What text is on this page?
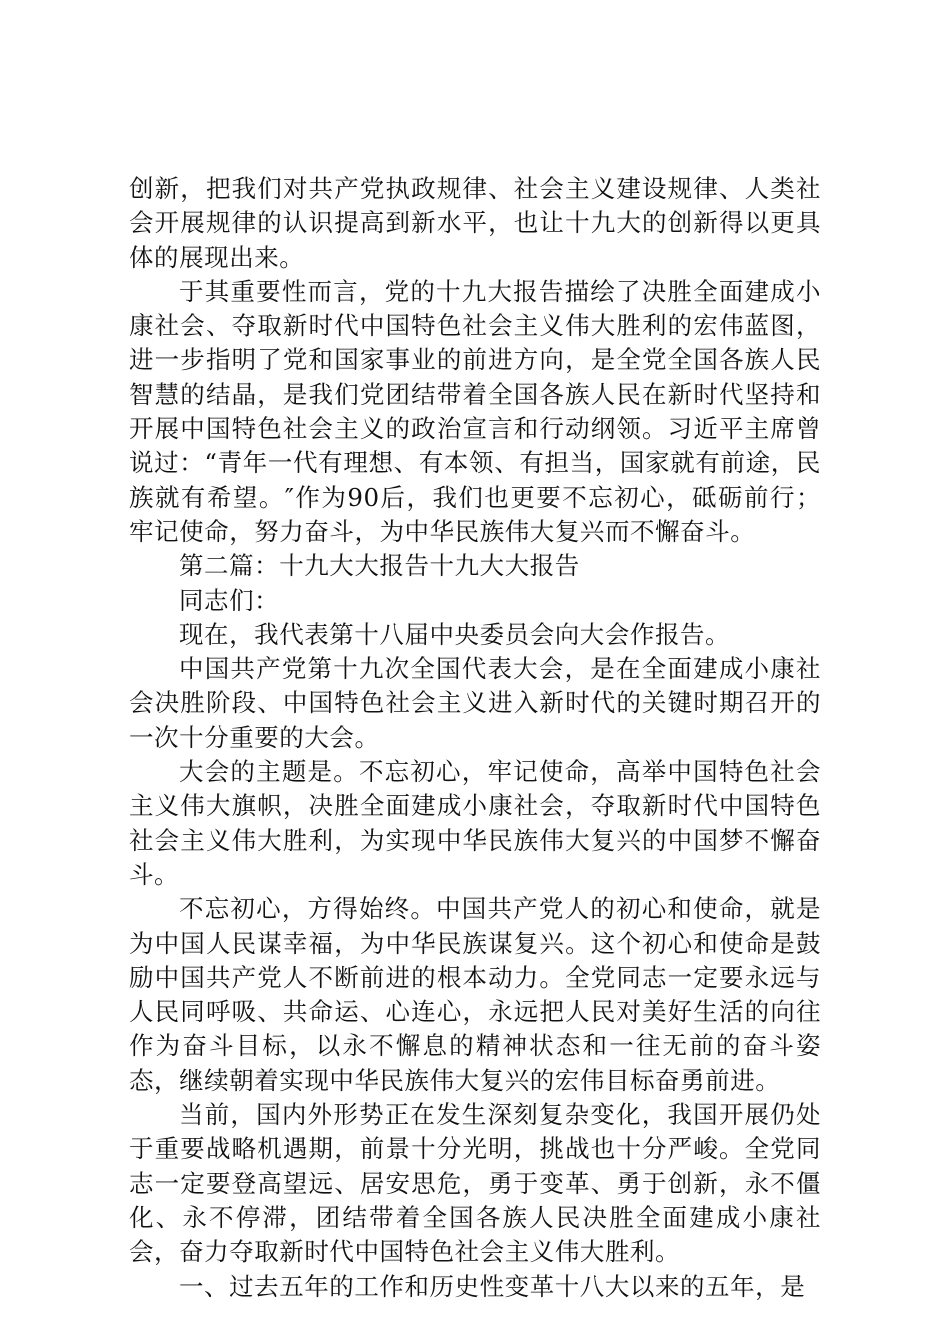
创新，把我们对共产党执政规律、社会主义建设规律、人类社会开展规律的认识提高到新水平，也让十九大的创新得以更具体的展现出来。

于其重要性而言，党的十九大报告描绘了决胜全面建成小康社会、夺取新时代中国特色社会主义伟大胜利的宏伟蓝图，进一步指明了党和国家事业的前进方向，是全党全国各族人民智慧的结晶，是我们党团结带着全国各族人民在新时代坚持和开展中国特色社会主义的政治宣言和行动纲领。习近平主席曾说过：“青年一代有理想、有本领、有担当，国家就有前途，民族就有希望。″作为90后，我们也更要不忘初心，砥砺前行；牢记使命，努力奋斗，为中华民族伟大复兴而不懈奋斗。

第二篇：十九大大报告十九大大报告

同志们：

现在，我代表第十八届中央委员会向大会作报告。

中国共产党第十九次全国代表大会，是在全面建成小康社会决胜阶段、中国特色社会主义进入新时代的关键时期召开的一次十分重要的大会。

大会的主题是。不忘初心，牢记使命，高举中国特色社会主义伟大旗帜，决胜全面建成小康社会，夺取新时代中国特色社会主义伟大胜利，为实现中华民族伟大复兴的中国梦不懈奋斗。

不忘初心，方得始终。中国共产党人的初心和使命，就是为中国人民谋幸福，为中华民族谋复兴。这个初心和使命是鼓励中国共产党人不断前进的根本动力。全党同志一定要永远与人民同呼吸、共命运、心连心，永远把人民对美好生活的向往作为奋斗目标，以永不懈息的精神状态和一往无前的奋斗姿态，继续朝着实现中华民族伟大复兴的宏伟目标奋勇前进。

当前，国内外形势正在发生深刻复杂变化，我国开展仍处于重要战略机遇期，前景十分光明，挑战也十分严峻。全党同志一定要登高望远、居安思危，勇于变革、勇于创新，永不僵化、永不停滞，团结带着全国各族人民决胜全面建成小康社会，奋力夺取新时代中国特色社会主义伟大胜利。

一、过去五年的工作和历史性变革十八大以来的五年，是
